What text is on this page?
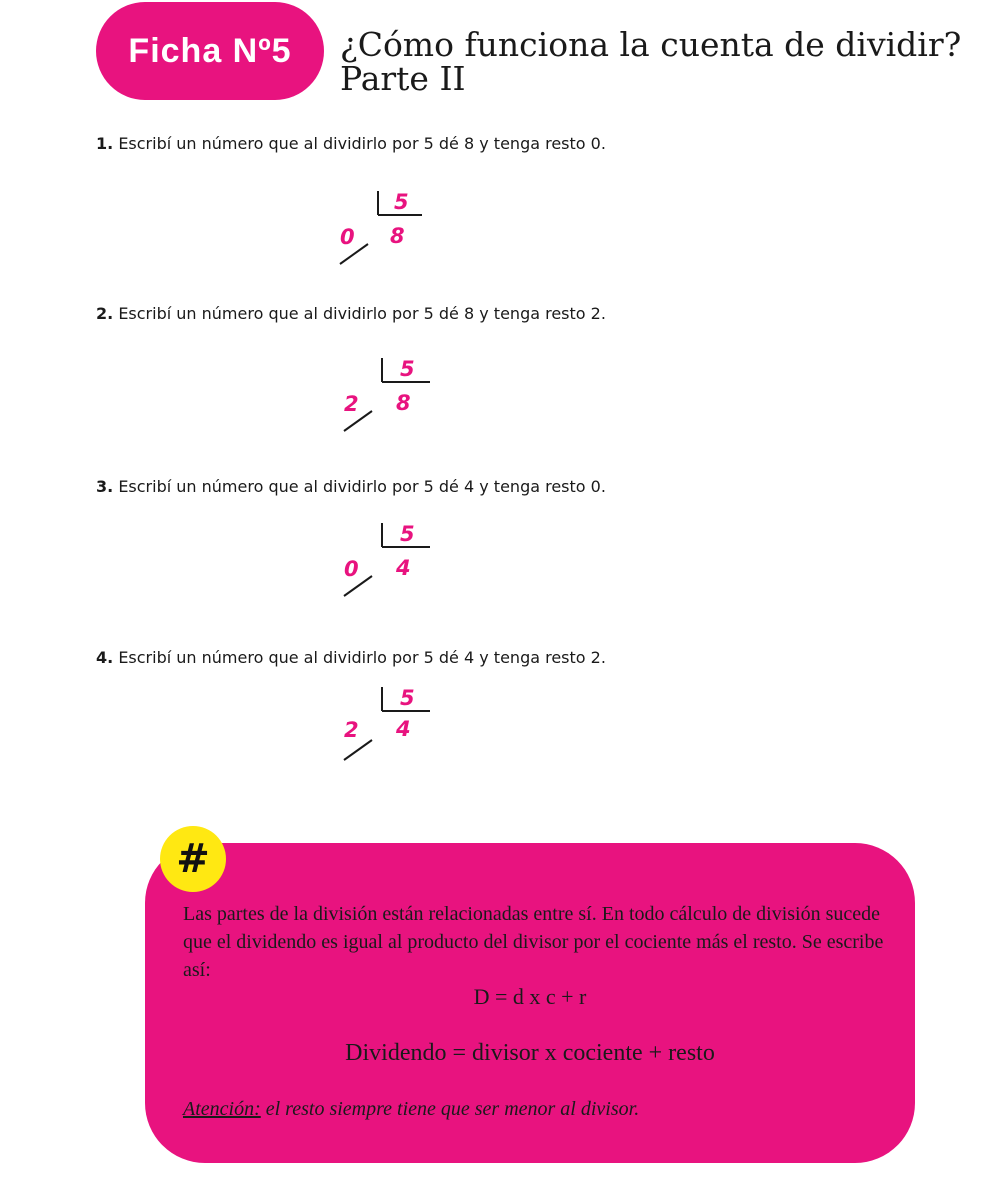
Ficha Nº5 ¿Cómo funciona la cuenta de dividir?
Parte II
1. Escribí un número que al dividirlo por 5 dé 8 y tenga resto 0.
5
8
0
2. Escribí un número que al dividirlo por 5 dé 8 y tenga resto 2.
5
8
2
3. Escribí un número que al dividirlo por 5 dé 4 y tenga resto 0.
5
4
0
4. Escribí un número que al dividirlo por 5 dé 4 y tenga resto 2.
5
4
2
#
Las partes de la división están relacionadas entre sí. En todo cálculo de división sucede que el dividendo es igual al producto del divisor por el cociente más el resto. Se escribe así:
D = d x c + r
Dividendo = divisor x cociente + resto
Atención: el resto siempre tiene que ser menor al divisor.
